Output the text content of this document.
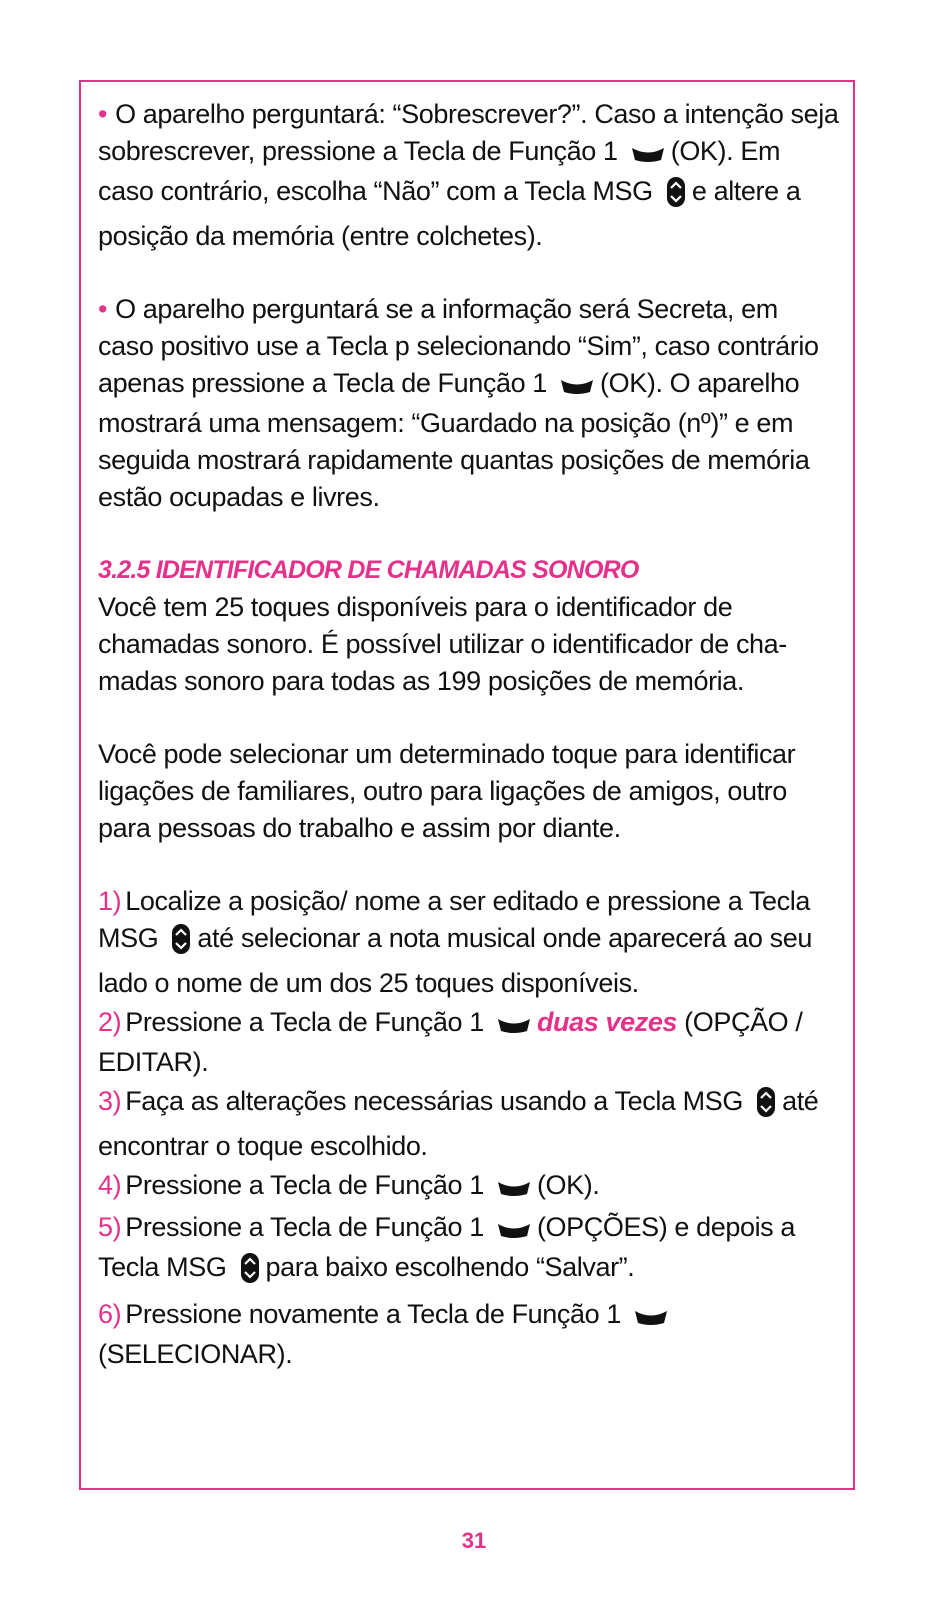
• O aparelho perguntará: “Sobrescrever?”. Caso a intenção seja sobrescrever, pressione a Tecla de Função 1 (OK). Em caso contrário, escolha “Não” com a Tecla MSG e altere a posição da memória (entre colchetes).

• O aparelho perguntará se a informação será Secreta, em caso positivo use a Tecla p selecionando “Sim”, caso contrário apenas pressione a Tecla de Função 1 (OK). O aparelho mostrará uma mensagem: “Guardado na posição (nº)” e em seguida mostrará rapidamente quantas posições de memória estão ocupadas e livres.

3.2.5 IDENTIFICADOR DE CHAMADAS SONORO

Você tem 25 toques disponíveis para o identificador de chamadas sonoro. É possível utilizar o identificador de cha- madas sonoro para todas as 199 posições de memória.

Você pode selecionar um determinado toque para identificar ligações de familiares, outro para ligações de amigos, outro para pessoas do trabalho e assim por diante.

1) Localize a posição/ nome a ser editado e pressione a Tecla MSG até selecionar a nota musical onde aparecerá ao seu lado o nome de um dos 25 toques disponíveis.

2) Pressione a Tecla de Função 1 duas vezes (OPÇÃO / EDITAR).

3) Faça as alterações necessárias usando a Tecla MSG até encontrar o toque escolhido.

4) Pressione a Tecla de Função 1 (OK).

5) Pressione a Tecla de Função 1 (OPÇÕES) e depois a Tecla MSG para baixo escolhendo “Salvar”.

6) Pressione novamente a Tecla de Função 1 (SELECIONAR).

31
